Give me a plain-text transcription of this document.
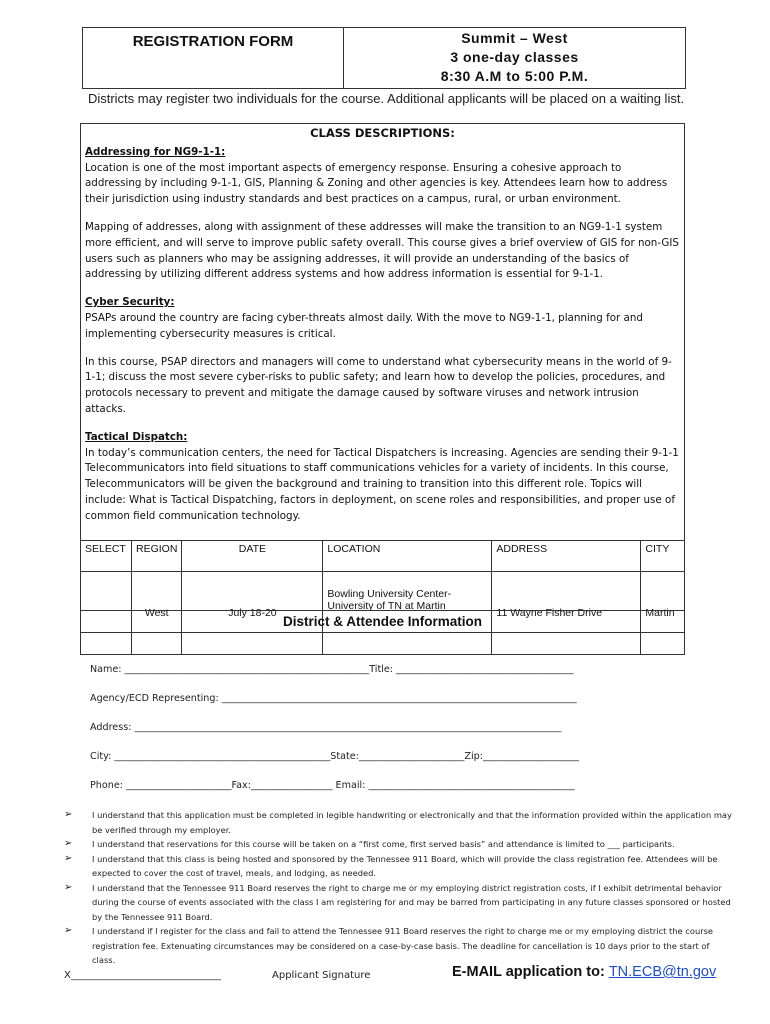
REGISTRATION FORM	Summit – West
3 one-day classes
8:30 A.M to 5:00 P.M.
Districts may register two individuals for the course. Additional applicants will be placed on a waiting list.
CLASS DESCRIPTIONS:
Addressing for NG9-1-1:

Location is one of the most important aspects of emergency response. Ensuring a cohesive approach to addressing by including 9-1-1, GIS, Planning & Zoning and other agencies is key. Attendees learn how to address their jurisdiction using industry standards and best practices on a campus, rural, or urban environment.

Mapping of addresses, along with assignment of these addresses will make the transition to an NG9-1-1 system more efficient, and will serve to improve public safety overall. This course gives a brief overview of GIS for non-GIS users such as planners who may be assigning addresses, it will provide an understanding of the basics of addressing by utilizing different address systems and how address information is essential for 9-1-1.

Cyber Security:

PSAPs around the country are facing cyber-threats almost daily. With the move to NG9-1-1, planning for and implementing cybersecurity measures is critical.

In this course, PSAP directors and managers will come to understand what cybersecurity means in the world of 9-1-1; discuss the most severe cyber-risks to public safety; and learn how to develop the policies, procedures, and protocols necessary to prevent and mitigate the damage caused by software viruses and network intrusion attacks.

Tactical Dispatch:

In today’s communication centers, the need for Tactical Dispatchers is increasing. Agencies are sending their 9-1-1 Telecommunicators into field situations to staff communications vehicles for a variety of incidents. In this course, Telecommunicators will be given the background and training to transition into this different role. Topics will include: What is Tactical Dispatching, factors in deployment, on scene roles and responsibilities, and proper use of common field communication technology.

SELECT	REGION	DATE	LOCATION	ADDRESS	CITY
	West	July 18-20	Bowling University Center- University of TN at Martin	11 Wayne Fisher Drive	Martin
District & Attendee Information
Name: ___________________________________________________Title: _____________________________________
Agency/ECD Representing: __________________________________________________________________________
Address: _________________________________________________________________________________________
City: _____________________________________________State:______________________Zip:____________________
Phone: ______________________Fax:_________________ Email: ___________________________________________
➢ I understand that this application must be completed in legible handwriting or electronically and that the information provided within the application may be verified through my employer.
➢ I understand that reservations for this course will be taken on a “first come, first served basis” and attendance is limited to ___ participants.
➢ I understand that this class is being hosted and sponsored by the Tennessee 911 Board, which will provide the class registration fee. Attendees will be expected to cover the cost of travel, meals, and lodging, as needed.
➢ I understand that the Tennessee 911 Board reserves the right to charge me or my employing district registration costs, if I exhibit detrimental behavior during the course of events associated with the class I am registering for and may be barred from participating in any future classes sponsored or hosted by the Tennessee 911 Board.
➢ I understand if I register for the class and fail to attend the Tennessee 911 Board reserves the right to charge me or my employing district the course registration fee. Extenuating circumstances may be considered on a case-by-case basis. The deadline for cancellation is 10 days prior to the start of class.
X______________________________	Applicant Signature	E-MAIL application to: TN.ECB@tn.gov
